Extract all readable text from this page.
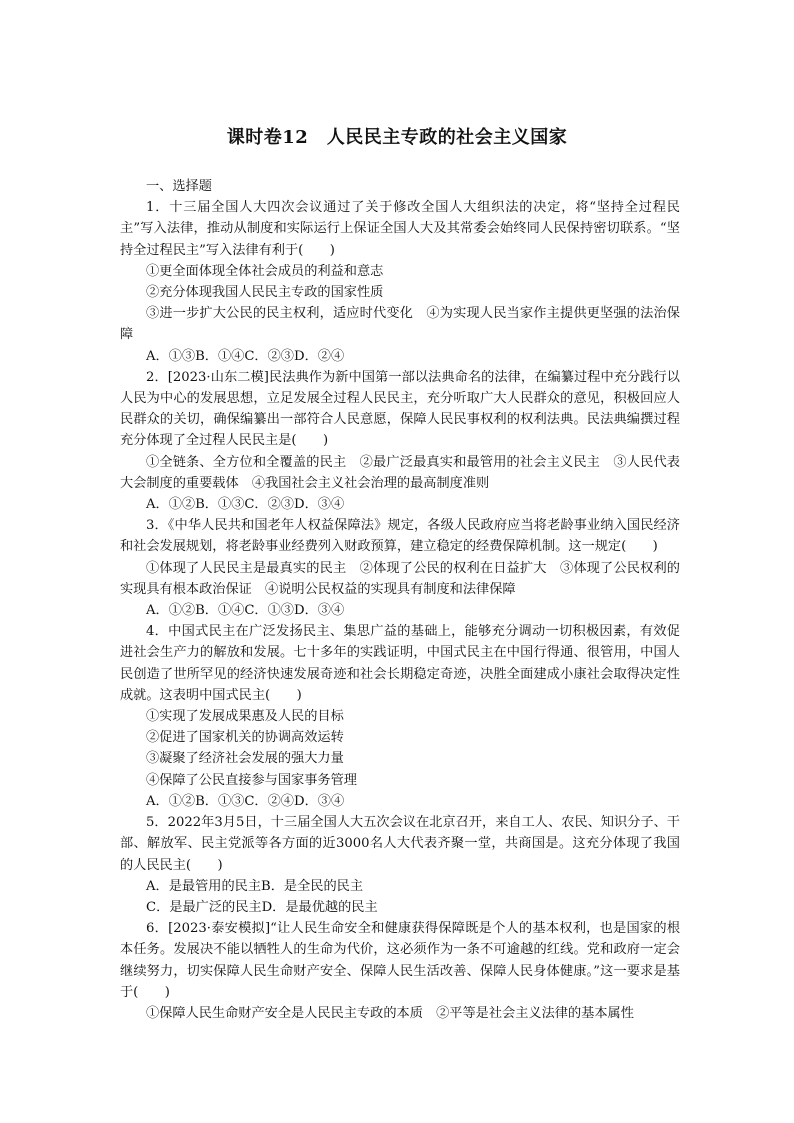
课时卷12　人民民主专政的社会主义国家
一、选择题
1．十三届全国人大四次会议通过了关于修改全国人大组织法的决定，将“坚持全过程民主”写入法律，推动从制度和实际运行上保证全国人大及其常委会始终同人民保持密切联系。“坚持全过程民主”写入法律有利于(　　)
①更全面体现全体社会成员的利益和意志
②充分体现我国人民民主专政的国家性质
③进一步扩大公民的民主权利，适应时代变化　④为实现人民当家作主提供更坚强的法治保障
A．①③B．①④C．②③D．②④
2．[2023·山东二模]民法典作为新中国第一部以法典命名的法律，在编纂过程中充分践行以人民为中心的发展思想，立足发展全过程人民民主，充分听取广大人民群众的意见，积极回应人民群众的关切，确保编纂出一部符合人民意愿，保障人民民事权利的权利法典。民法典编撰过程充分体现了全过程人民民主是(　　)
①全链条、全方位和全覆盖的民主　②最广泛最真实和最管用的社会主义民主　③人民代表大会制度的重要载体　④我国社会主义社会治理的最高制度准则
A．①②B．①③C．②③D．③④
3．《中华人民共和国老年人权益保障法》规定，各级人民政府应当将老龄事业纳入国民经济和社会发展规划，将老龄事业经费列入财政预算，建立稳定的经费保障机制。这一规定(　　)
①体现了人民民主是最真实的民主　②体现了公民的权利在日益扩大　③体现了公民权利的实现具有根本政治保证　④说明公民权益的实现具有制度和法律保障
A．①②B．①④C．①③D．③④
4．中国式民主在广泛发扬民主、集思广益的基础上，能够充分调动一切积极因素，有效促进社会生产力的解放和发展。七十多年的实践证明，中国式民主在中国行得通、很管用，中国人民创造了世所罕见的经济快速发展奇迹和社会长期稳定奇迹，决胜全面建成小康社会取得决定性成就。这表明中国式民主(　　)
①实现了发展成果惠及人民的目标
②促进了国家机关的协调高效运转
③凝聚了经济社会发展的强大力量
④保障了公民直接参与国家事务管理
A．①②B．①③C．②④D．③④
5．2022年3月5日，十三届全国人大五次会议在北京召开，来自工人、农民、知识分子、干部、解放军、民主党派等各方面的近3000名人大代表齐聚一堂，共商国是。这充分体现了我国的人民民主(　　)
A．是最管用的民主B．是全民的民主
C．是最广泛的民主D．是最优越的民主
6．[2023·泰安模拟]“让人民生命安全和健康获得保障既是个人的基本权利，也是国家的根本任务。发展决不能以牺牲人的生命为代价，这必须作为一条不可逾越的红线。党和政府一定会继续努力，切实保障人民生命财产安全、保障人民生活改善、保障人民身体健康。”这一要求是基于(　　)
①保障人民生命财产安全是人民民主专政的本质　②平等是社会主义法律的基本属性
